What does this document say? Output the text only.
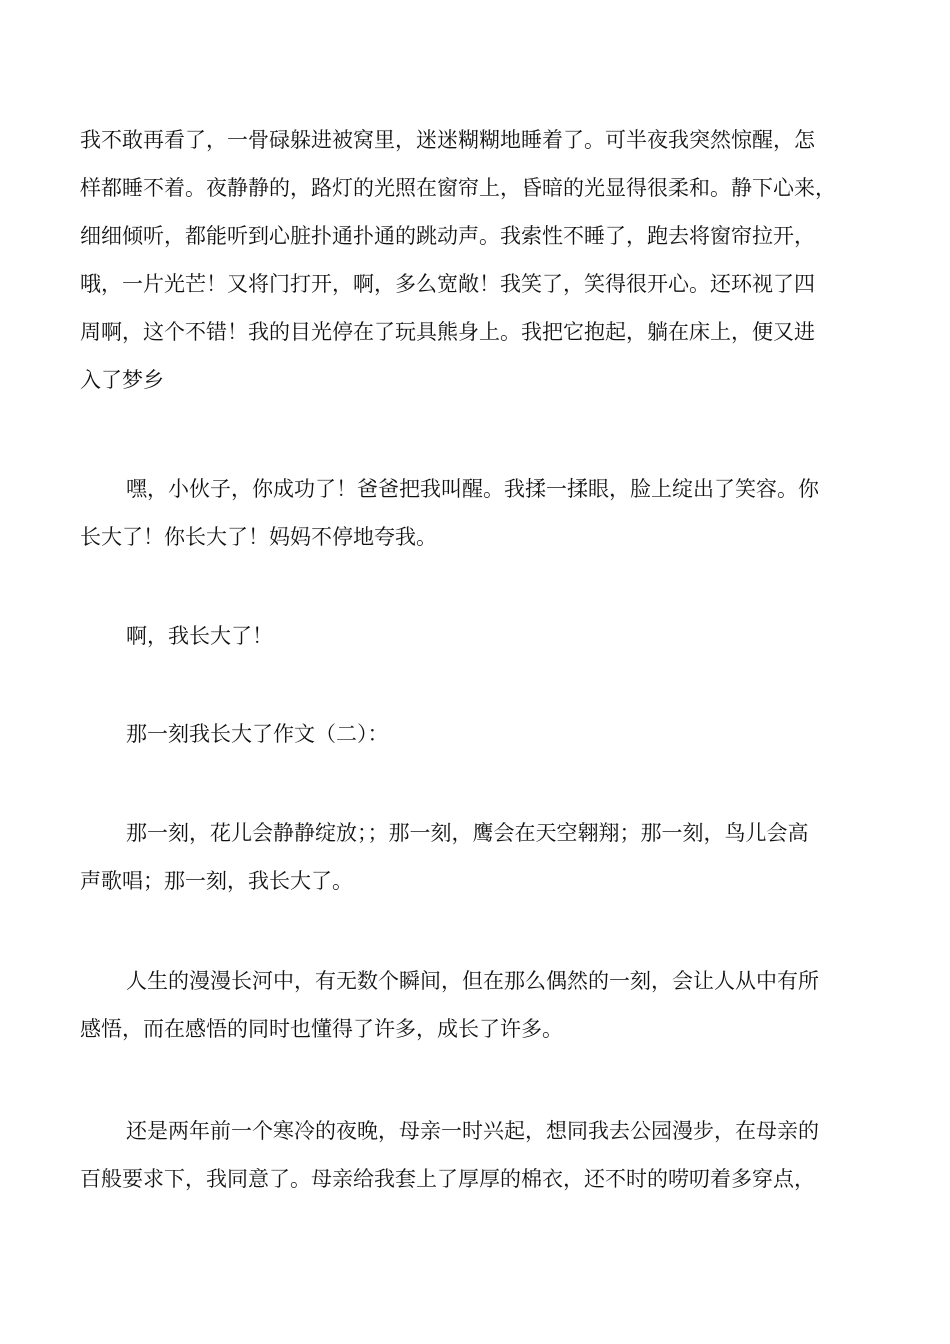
我不敢再看了，一骨碌躲进被窝里，迷迷糊糊地睡着了。可半夜我突然惊醒，怎
样都睡不着。夜静静的，路灯的光照在窗帘上，昏暗的光显得很柔和。静下心来，
细细倾听，都能听到心脏扑通扑通的跳动声。我索性不睡了，跑去将窗帘拉开，
哦，一片光芒！又将门打开，啊，多么宽敞！我笑了，笑得很开心。还环视了四
周啊，这个不错！我的目光停在了玩具熊身上。我把它抱起，躺在床上，便又进
入了梦乡
嘿，小伙子，你成功了！爸爸把我叫醒。我揉一揉眼，脸上绽出了笑容。你
长大了！你长大了！妈妈不停地夸我。
啊，我长大了！
那一刻我长大了作文（二）：
那一刻，花儿会静静绽放；；那一刻，鹰会在天空翱翔；那一刻，鸟儿会高
声歌唱；那一刻，我长大了。
人生的漫漫长河中，有无数个瞬间，但在那么偶然的一刻，会让人从中有所
感悟，而在感悟的同时也懂得了许多，成长了许多。
还是两年前一个寒冷的夜晚，母亲一时兴起，想同我去公园漫步，在母亲的
百般要求下，我同意了。母亲给我套上了厚厚的棉衣，还不时的唠叨着多穿点，
